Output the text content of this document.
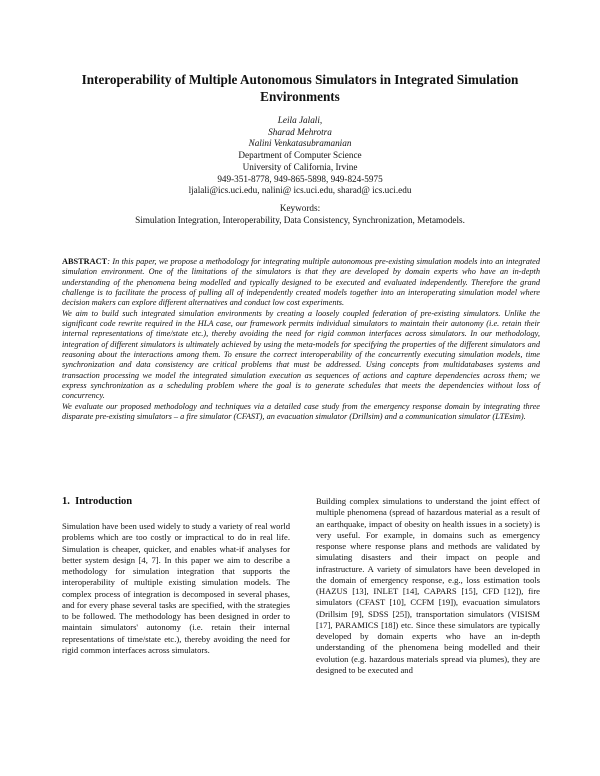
Interoperability of Multiple Autonomous Simulators in Integrated Simulation Environments
Leila Jalali,
Sharad Mehrotra
Nalini Venkatasubramanian
Department of Computer Science
University of California, Irvine
949-351-8778, 949-865-5898, 949-824-5975
ljalali@ics.uci.edu, nalini@ ics.uci.edu, sharad@ ics.uci.edu
Keywords:
Simulation Integration, Interoperability, Data Consistency, Synchronization, Metamodels.

ABSTRACT: In this paper, we propose a methodology for integrating multiple autonomous pre-existing simulation models into an integrated simulation environment. One of the limitations of the simulators is that they are developed by domain experts who have an in-depth understanding of the phenomena being modelled and typically designed to be executed and evaluated independently. Therefore the grand challenge is to facilitate the process of pulling all of independently created models together into an interoperating simulation model where decision makers can explore different alternatives and conduct low cost experiments.

We aim to build such integrated simulation environments by creating a loosely coupled federation of pre-existing simulators. Unlike the significant code rewrite required in the HLA case, our framework permits individual simulators to maintain their autonomy (i.e. retain their internal representations of time/state etc.), thereby avoiding the need for rigid common interfaces across simulators. In our methodology, integration of different simulators is ultimately achieved by using the meta-models for specifying the properties of the different simulators and reasoning about the interactions among them. To ensure the correct interoperability of the concurrently executing simulation models, time synchronization and data consistency are critical problems that must be addressed. Using concepts from multidatabases systems and transaction processing we model the integrated simulation execution as sequences of actions and capture dependencies across them; we express synchronization as a scheduling problem where the goal is to generate schedules that meets the dependencies without loss of concurrency.

We evaluate our proposed methodology and techniques via a detailed case study from the emergency response domain by integrating three disparate pre-existing simulators – a fire simulator (CFAST), an evacuation simulator (Drillsim) and a communication simulator (LTEsim).

1. Introduction

Simulation have been used widely to study a variety of real world problems which are too costly or impractical to do in real life. Simulation is cheaper, quicker, and enables what-if analyses for better system design [4, 7]. In this paper we aim to describe a methodology for simulation integration that supports the interoperability of multiple existing simulation models. The complex process of integration is decomposed in several phases, and for every phase several tasks are specified, with the strategies to be followed. The methodology has been designed in order to maintain simulators' autonomy (i.e. retain their internal representations of time/state etc.), thereby avoiding the need for rigid common interfaces across simulators.

Building complex simulations to understand the joint effect of multiple phenomena (spread of hazardous material as a result of an earthquake, impact of obesity on health issues in a society) is very useful. For example, in domains such as emergency response where response plans and methods are validated by simulating disasters and their impact on people and infrastructure. A variety of simulators have been developed in the domain of emergency response, e.g., loss estimation tools (HAZUS [13], INLET [14], CAPARS [15], CFD [12]), fire simulators (CFAST [10], CCFM [19]), evacuation simulators (Drillsim [9], SDSS [25]), transportation simulators (VISISM [17], PARAMICS [18]) etc. Since these simulators are typically developed by domain experts who have an in-depth understanding of the phenomena being modelled and their evolution (e.g. hazardous materials spread via plumes), they are designed to be executed and
